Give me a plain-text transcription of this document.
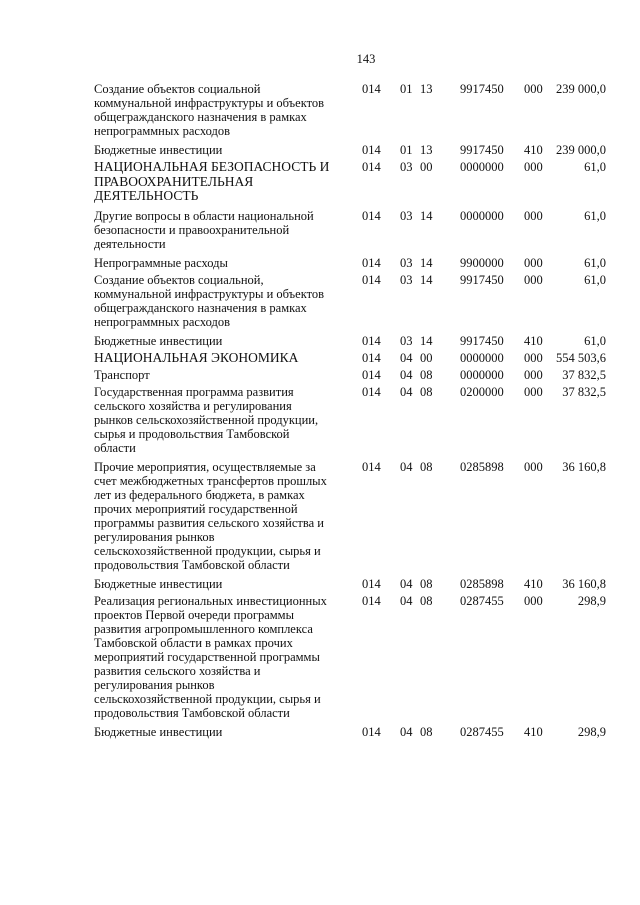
143
Создание объектов социальной
коммунальной инфраструктуры и объектов
общегражданского назначения в рамках
непрограммных расходов
014	01 13	9917450	000	239 000,0
Бюджетные инвестиции	014	01 13	9917450	410	239 000,0
НАЦИОНАЛЬНАЯ БЕЗОПАСНОСТЬ И
ПРАВООХРАНИТЕЛЬНАЯ
ДЕЯТЕЛЬНОСТЬ
014	03 00	0000000	000	61,0
Другие вопросы в области национальной
безопасности и правоохранительной
деятельности
014	03 14	0000000	000	61,0
Непрограммные расходы	014	03 14	9900000	000	61,0
Создание объектов социальной,
коммунальной инфраструктуры и объектов
общегражданского назначения в рамках
непрограммных расходов
014	03 14	9917450	000	61,0
Бюджетные инвестиции	014	03 14	9917450	410	61,0
НАЦИОНАЛЬНАЯ ЭКОНОМИКА	014	04 00	0000000	000	554 503,6
Транспорт	014	04 08	0000000	000	37 832,5
Государственная программа развития
сельского хозяйства и регулирования
рынков сельскохозяйственной продукции,
сырья и продовольствия Тамбовской
области
014	04 08	0200000	000	37 832,5
Прочие мероприятия, осуществляемые за
счет межбюджетных трансфертов прошлых
лет из федерального бюджета, в рамках
прочих мероприятий государственной
программы развития сельского хозяйства и
регулирования рынков
сельскохозяйственной продукции, сырья и
продовольствия Тамбовской области
014	04 08	0285898	000	36 160,8
Бюджетные инвестиции	014	04 08	0285898	410	36 160,8
Реализация региональных инвестиционных
проектов Первой очереди программы
развития агропромышленного комплекса
Тамбовской области в рамках прочих
мероприятий государственной программы
развития сельского хозяйства и
регулирования рынков
сельскохозяйственной продукции, сырья и
продовольствия Тамбовской области
014	04 08	0287455	000	298,9
Бюджетные инвестиции	014	04 08	0287455	410	298,9
